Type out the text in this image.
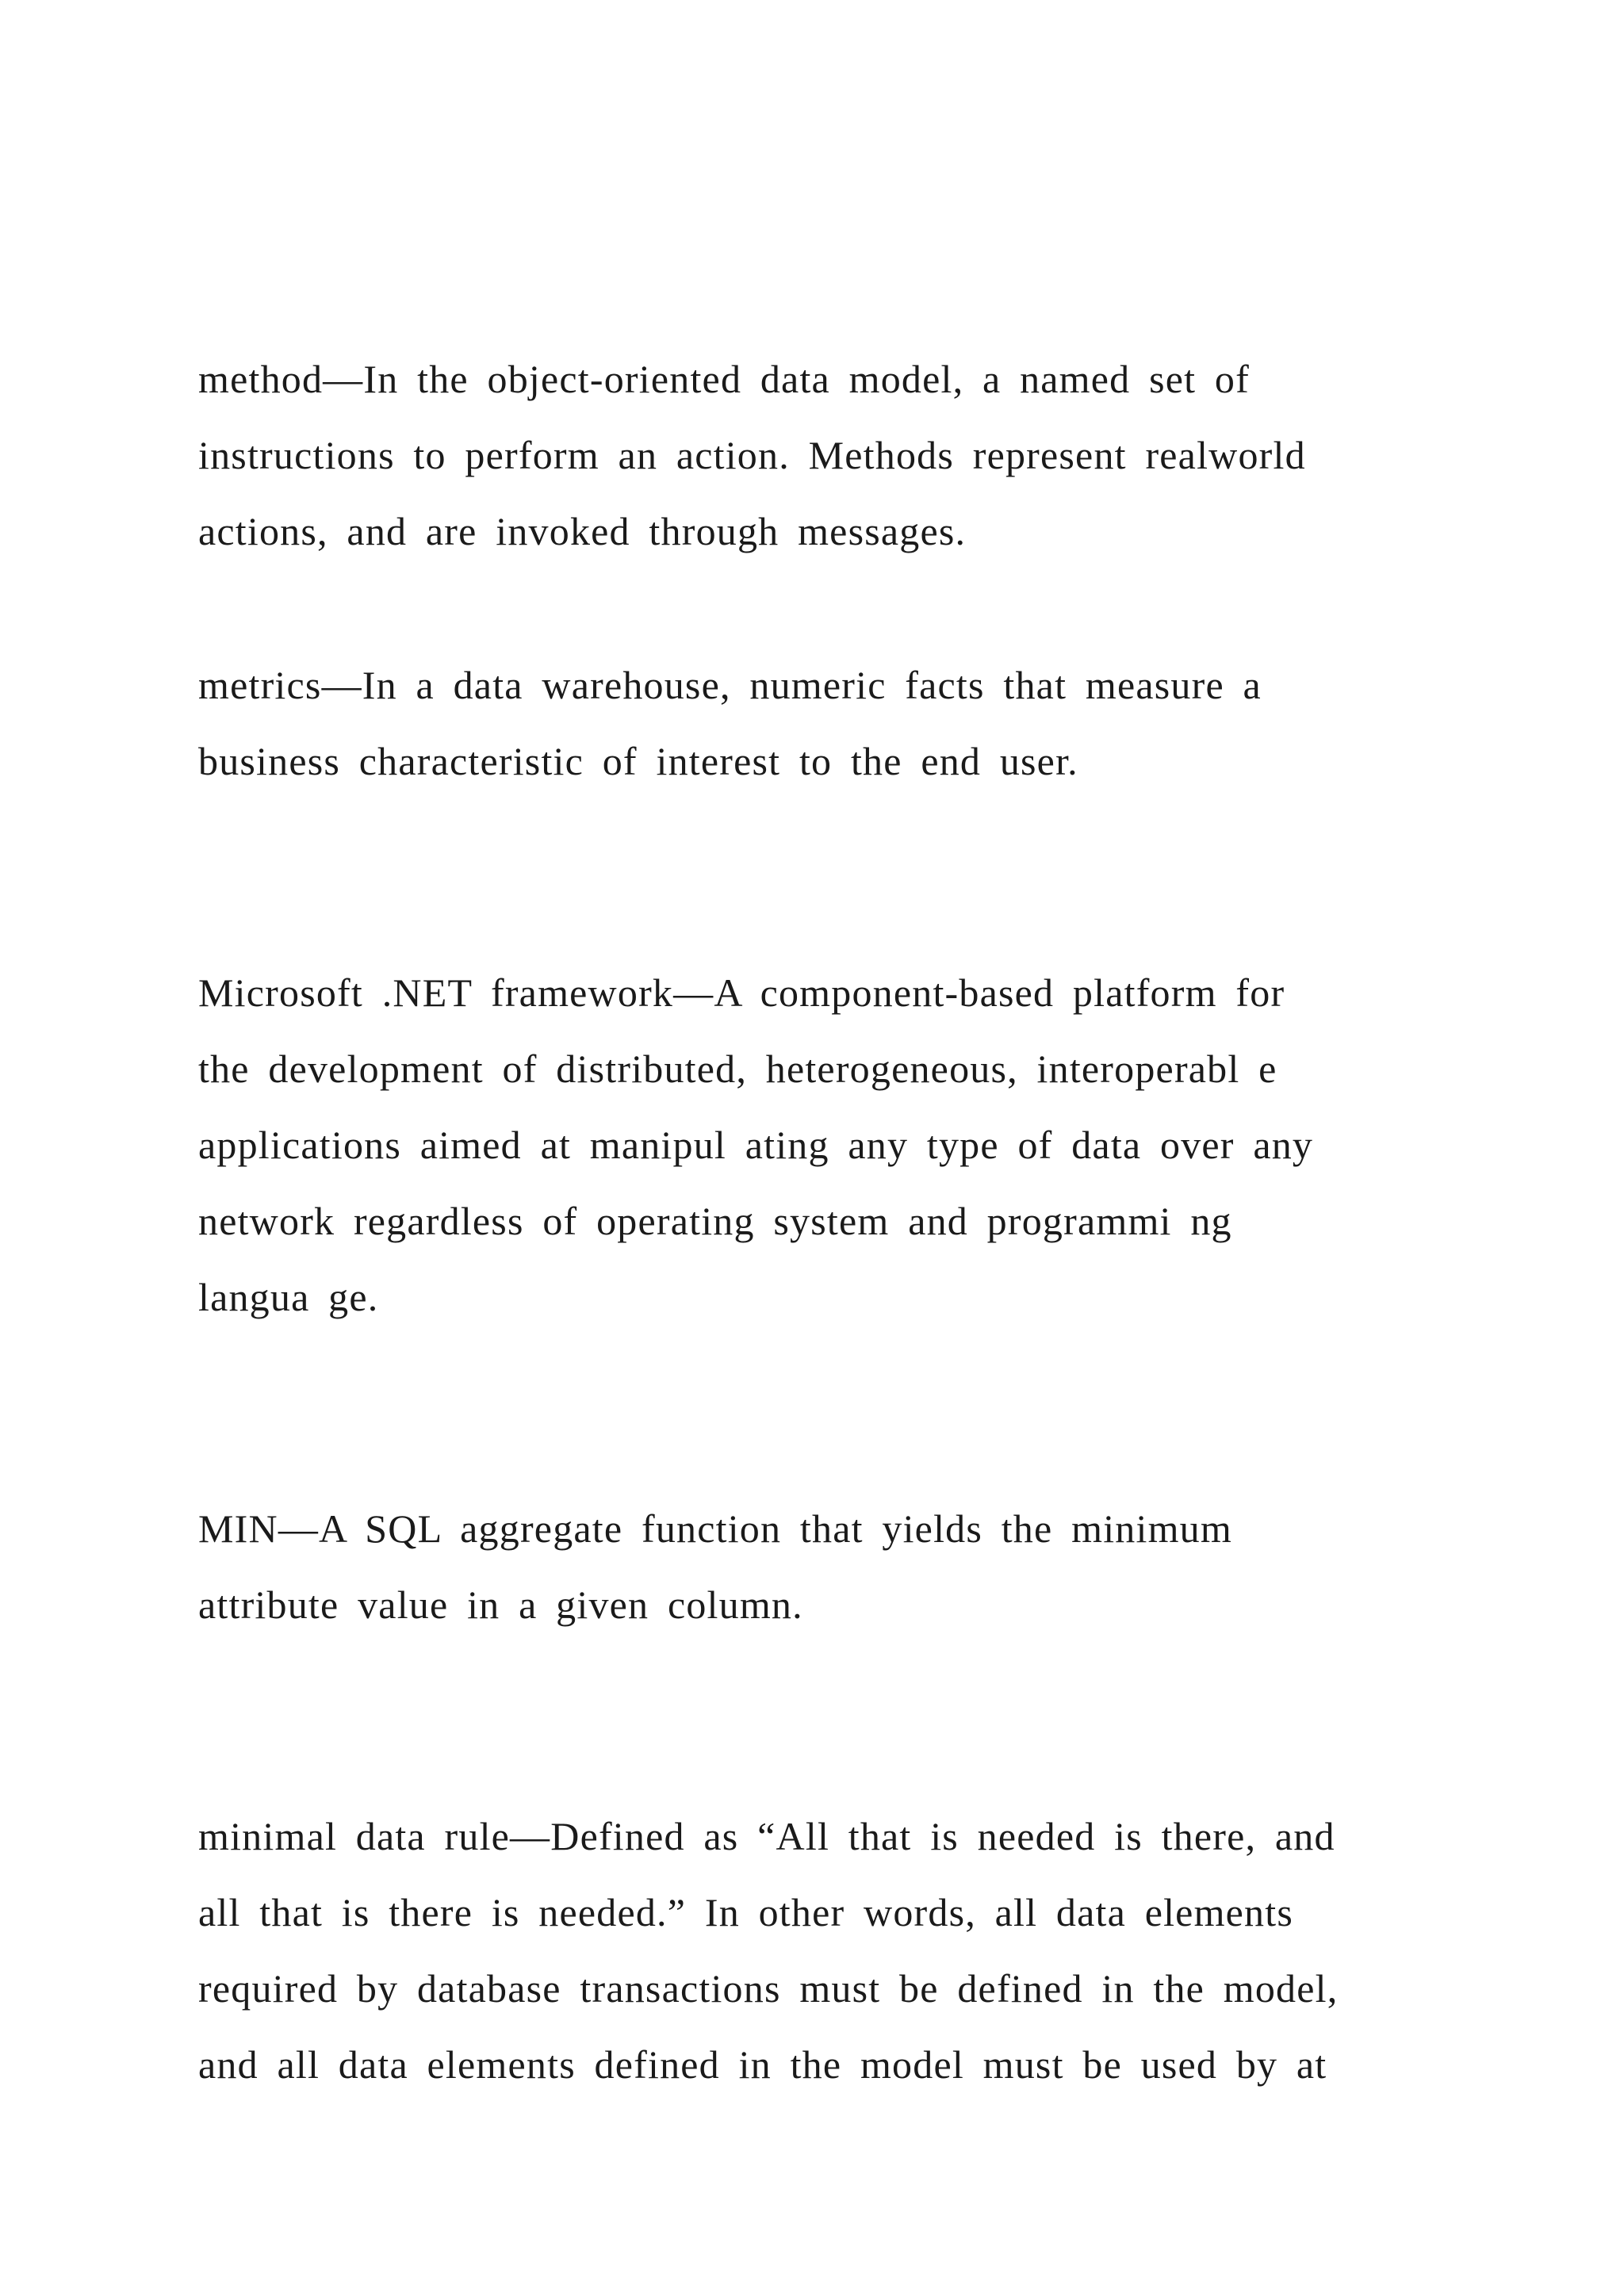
method—In the object-oriented data model, a named set of

instructions to perform an action. Methods represent realworld

actions, and are invoked through messages.

metrics—In a data warehouse, numeric facts that measure a

business characteristic of interest to the end user.

Microsoft .NET framework—A component-based platform for

the development of distributed, heterogeneous, interoperabl e

applications aimed at manipul ating any type of data over any

network regardless of operating system and programmi ng

langua ge.

MIN—A SQL aggregate function that yields the minimum

attribute value in a given column.

minimal data rule—Defined as “All that is needed is there, and

all that is there is needed.” In other words, all data elements

required by database transactions must be defined in the model,

and all data elements defined in the model must be used by at
